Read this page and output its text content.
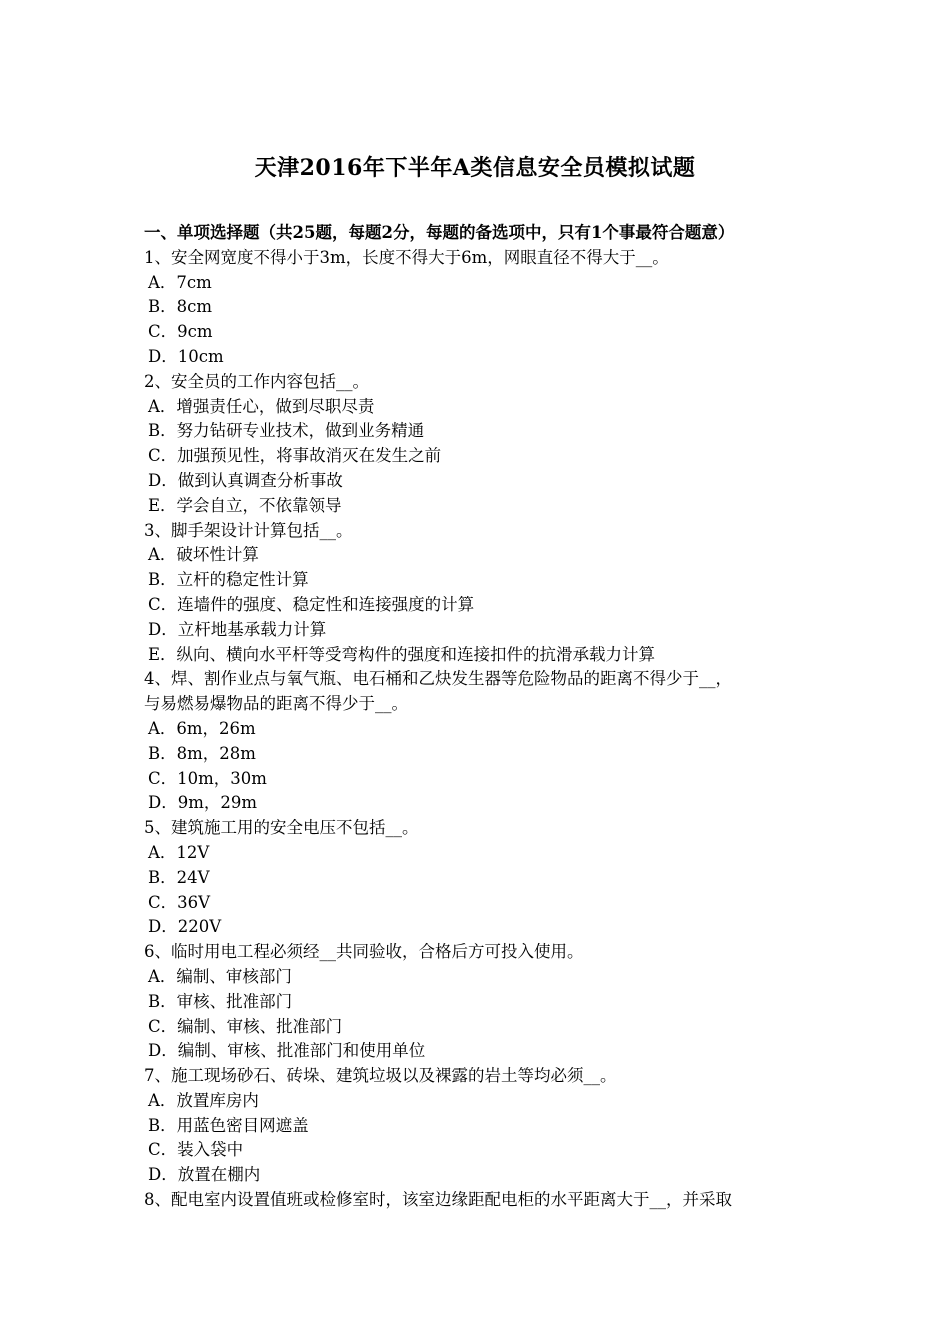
天津2016年下半年A类信息安全员模拟试题
一、单项选择题（共25题，每题2分，每题的备选项中，只有1个事最符合题意）
1、安全网宽度不得小于3m，长度不得大于6m，网眼直径不得大于__。
A．7cm
B．8cm
C．9cm
D．10cm
2、安全员的工作内容包括__。
A．增强责任心，做到尽职尽责
B．努力钻研专业技术，做到业务精通
C．加强预见性，将事故消灭在发生之前
D．做到认真调查分析事故
E．学会自立，不依靠领导
3、脚手架设计计算包括__。
A．破坏性计算
B．立杆的稳定性计算
C．连墙件的强度、稳定性和连接强度的计算
D．立杆地基承载力计算
E．纵向、横向水平杆等受弯构件的强度和连接扣件的抗滑承载力计算
4、焊、割作业点与氧气瓶、电石桶和乙炔发生器等危险物品的距离不得少于__，
与易燃易爆物品的距离不得少于__。
A．6m，26m
B．8m，28m
C．10m，30m
D．9m，29m
5、建筑施工用的安全电压不包括__。
A．12V
B．24V
C．36V
D．220V
6、临时用电工程必须经__共同验收，合格后方可投入使用。
A．编制、审核部门
B．审核、批准部门
C．编制、审核、批准部门
D．编制、审核、批准部门和使用单位
7、施工现场砂石、砖垛、建筑垃圾以及裸露的岩土等均必须__。
A．放置库房内
B．用蓝色密目网遮盖
C．装入袋中
D．放置在棚内
8、配电室内设置值班或检修室时，该室边缘距配电柜的水平距离大于__，并采取
